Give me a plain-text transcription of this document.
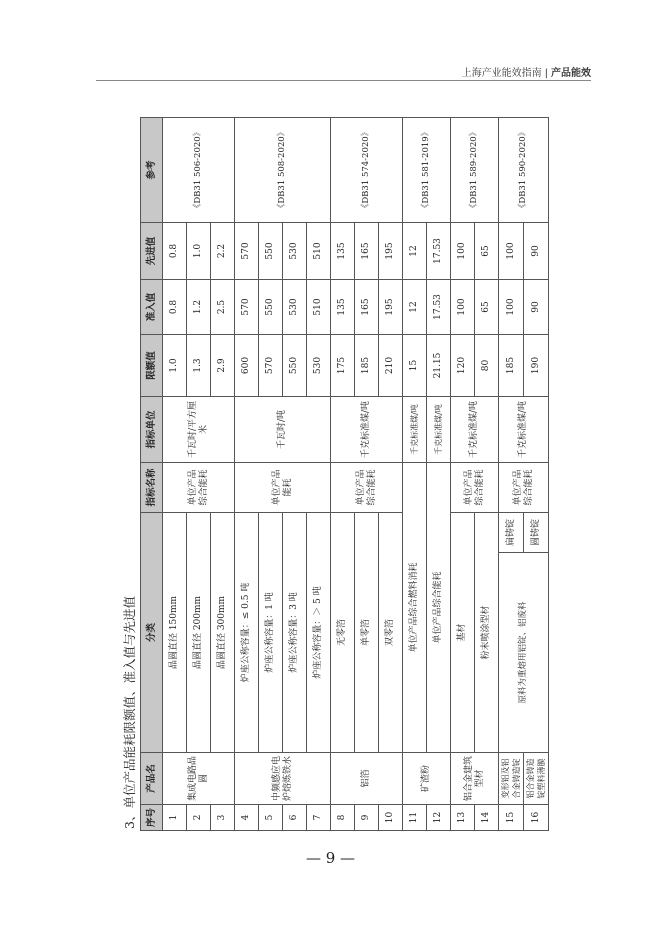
上海产业能效指南 | 产品能效
3、单位产品能耗限额值、准入值与先进值 序号	产品名	分类		指标名称	指标单位	限额值	准入值	先进值	参考
1	集成电路晶圆	晶圆直径 150mm		单位产品综合能耗	千瓦时/平方厘米	1.0	0.8	0.8	《DB31 506-2020》
2		晶圆直径 200mm				1.3	1.2	1.0	
3		晶圆直径 300mm				2.9	2.5	2.2	
4	中频感应电炉熔炼铁水	炉座公称容量：≤ 0.5 吨		单位产品能耗	千瓦时/吨	600	570	570	《DB31 508-2020》
5		炉座公称容量：1 吨				570	550	550	
6		炉座公称容量：3 吨				550	530	530	
7		炉座公称容量：＞ 5 吨				530	510	510	
8	铝箔	无零箔		单位产品综合能耗	千克标准煤/吨	175	135	135	《DB31 574-2020》
9		单零箔				185	165	165	
10		双零箔				210	195	195	
11	矿渣粉	单位产品综合燃料消耗			千克标准煤/吨	15	12	12	《DB31 581-2019》
12		单位产品综合能耗			千克标准煤/吨	21.15	17.53	17.53	
13	铝合金建筑型材	基材		单位产品综合能耗	千克标准煤/吨	120	100	100	《DB31 589-2020》
14		粉末喷涂型材				80	65	65	
15	变形铝及铝合金铸造锭	原料为重熔用铝锭、铝废料	扁铸锭	单位产品综合能耗	千克标准煤/吨	185	100	100	《DB31 590-2020》
16	铝合金铸造锭塑料薄膜		圆铸锭			190	90	90	
— 9 —
